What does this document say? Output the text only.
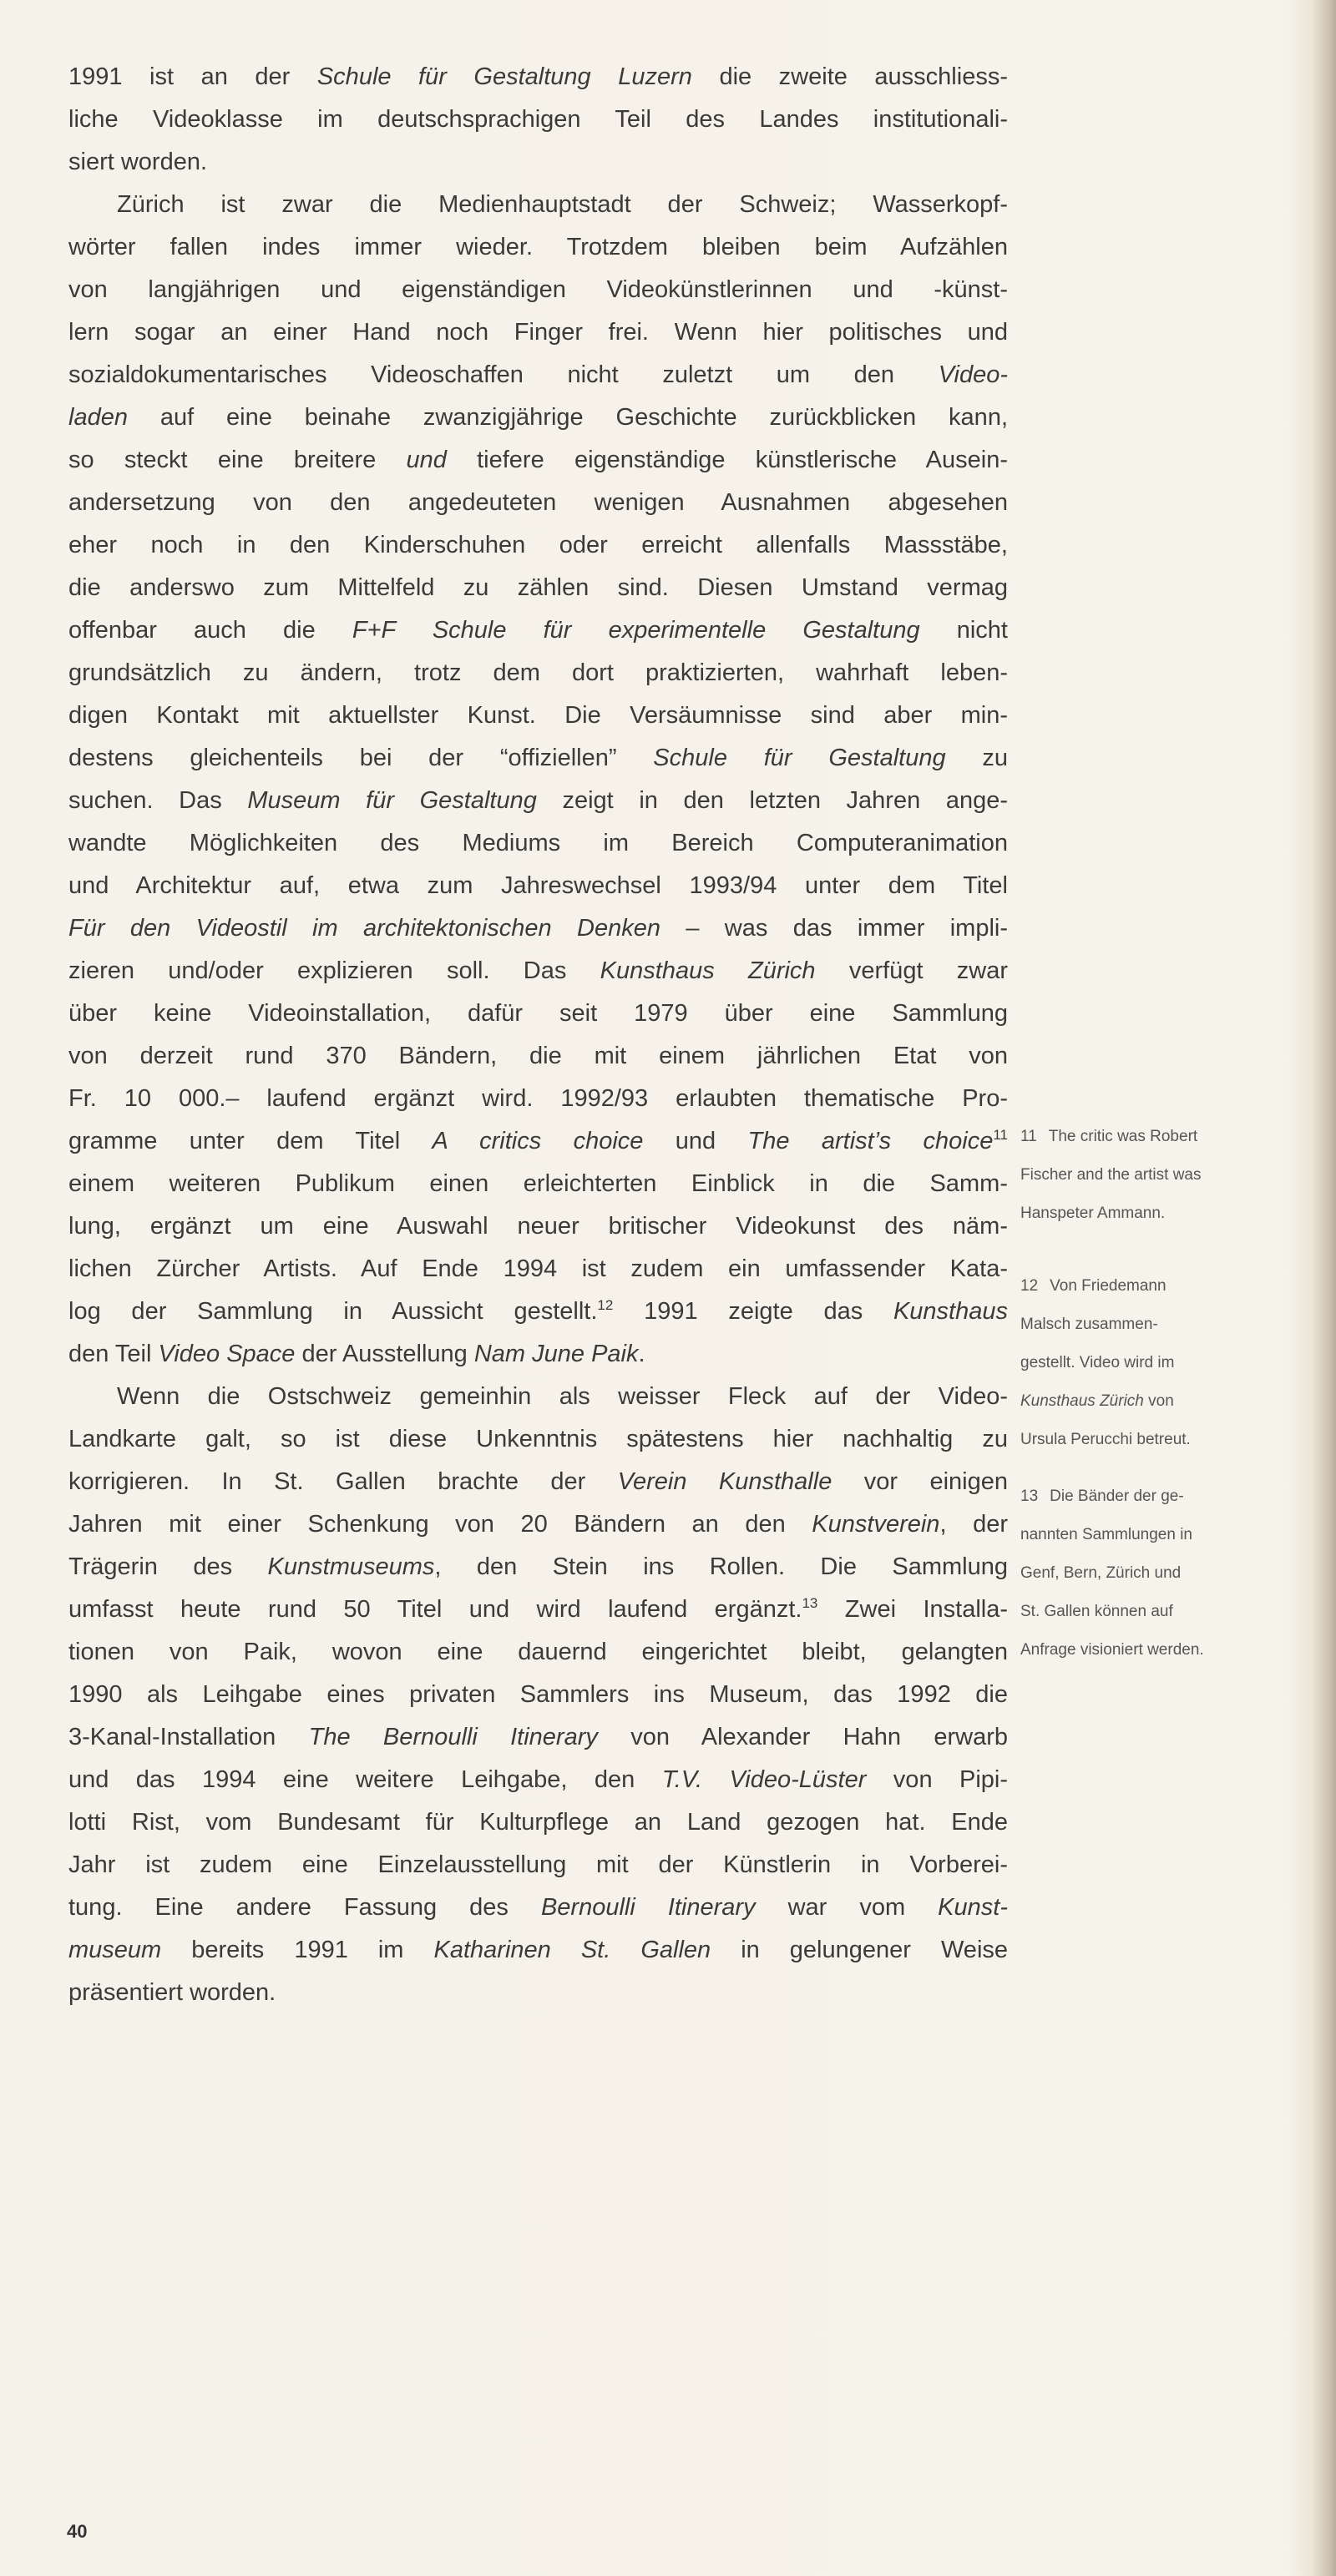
1991 ist an der Schule für Gestaltung Luzern die zweite ausschliess-
liche Videoklasse im deutschsprachigen Teil des Landes institutionali-
siert worden.
Zürich ist zwar die Medienhauptstadt der Schweiz; Wasserkopf-
wörter fallen indes immer wieder. Trotzdem bleiben beim Aufzählen
von langjährigen und eigenständigen Videokünstlerinnen und -künst-
lern sogar an einer Hand noch Finger frei. Wenn hier politisches und
sozialdokumentarisches Videoschaffen nicht zuletzt um den Video-
laden auf eine beinahe zwanzigjährige Geschichte zurückblicken kann,
so steckt eine breitere und tiefere eigenständige künstlerische Ausein-
andersetzung von den angedeuteten wenigen Ausnahmen abgesehen
eher noch in den Kinderschuhen oder erreicht allenfalls Massstäbe,
die anderswo zum Mittelfeld zu zählen sind. Diesen Umstand vermag
offenbar auch die F+F Schule für experimentelle Gestaltung nicht
grundsätzlich zu ändern, trotz dem dort praktizierten, wahrhaft leben-
digen Kontakt mit aktuellster Kunst. Die Versäumnisse sind aber min-
destens gleichenteils bei der “offiziellen” Schule für Gestaltung zu
suchen. Das Museum für Gestaltung zeigt in den letzten Jahren ange-
wandte Möglichkeiten des Mediums im Bereich Computeranimation
und Architektur auf, etwa zum Jahreswechsel 1993/94 unter dem Titel
Für den Videostil im architektonischen Denken – was das immer impli-
zieren und/oder explizieren soll. Das Kunsthaus Zürich verfügt zwar
über keine Videoinstallation, dafür seit 1979 über eine Sammlung
von derzeit rund 370 Bändern, die mit einem jährlichen Etat von
Fr. 10 000.– laufend ergänzt wird. 1992/93 erlaubten thematische Pro-
gramme unter dem Titel A critics choice und The artist’s choice$^{11}$
einem weiteren Publikum einen erleichterten Einblick in die Samm-
lung, ergänzt um eine Auswahl neuer britischer Videokunst des näm-
lichen Zürcher Artists. Auf Ende 1994 ist zudem ein umfassender Kata-
log der Sammlung in Aussicht gestellt.$^{12}$ 1991 zeigte das Kunsthaus
den Teil Video Space der Ausstellung Nam June Paik.
Wenn die Ostschweiz gemeinhin als weisser Fleck auf der Video-
Landkarte galt, so ist diese Unkenntnis spätestens hier nachhaltig zu
korrigieren. In St. Gallen brachte der Verein Kunsthalle vor einigen
Jahren mit einer Schenkung von 20 Bändern an den Kunstverein, der
Trägerin des Kunstmuseums, den Stein ins Rollen. Die Sammlung
umfasst heute rund 50 Titel und wird laufend ergänzt.$^{13}$ Zwei Installa-
tionen von Paik, wovon eine dauernd eingerichtet bleibt, gelangten
1990 als Leihgabe eines privaten Sammlers ins Museum, das 1992 die
3-Kanal-Installation The Bernoulli Itinerary von Alexander Hahn erwarb
und das 1994 eine weitere Leihgabe, den T.V. Video-Lüster von Pipi-
lotti Rist, vom Bundesamt für Kulturpflege an Land gezogen hat. Ende
Jahr ist zudem eine Einzelausstellung mit der Künstlerin in Vorberei-
tung. Eine andere Fassung des Bernoulli Itinerary war vom Kunst-
museum bereits 1991 im Katharinen St. Gallen in gelungener Weise
präsentiert worden.
11 The critic was Robert
Fischer and the artist was
Hanspeter Ammann.
12 Von Friedemann
Malsch zusammen-
gestellt. Video wird im
Kunsthaus Zürich von
Ursula Perucchi betreut.
13 Die Bänder der ge-
nannten Sammlungen in
Genf, Bern, Zürich und
St. Gallen können auf
Anfrage visioniert werden.
40
